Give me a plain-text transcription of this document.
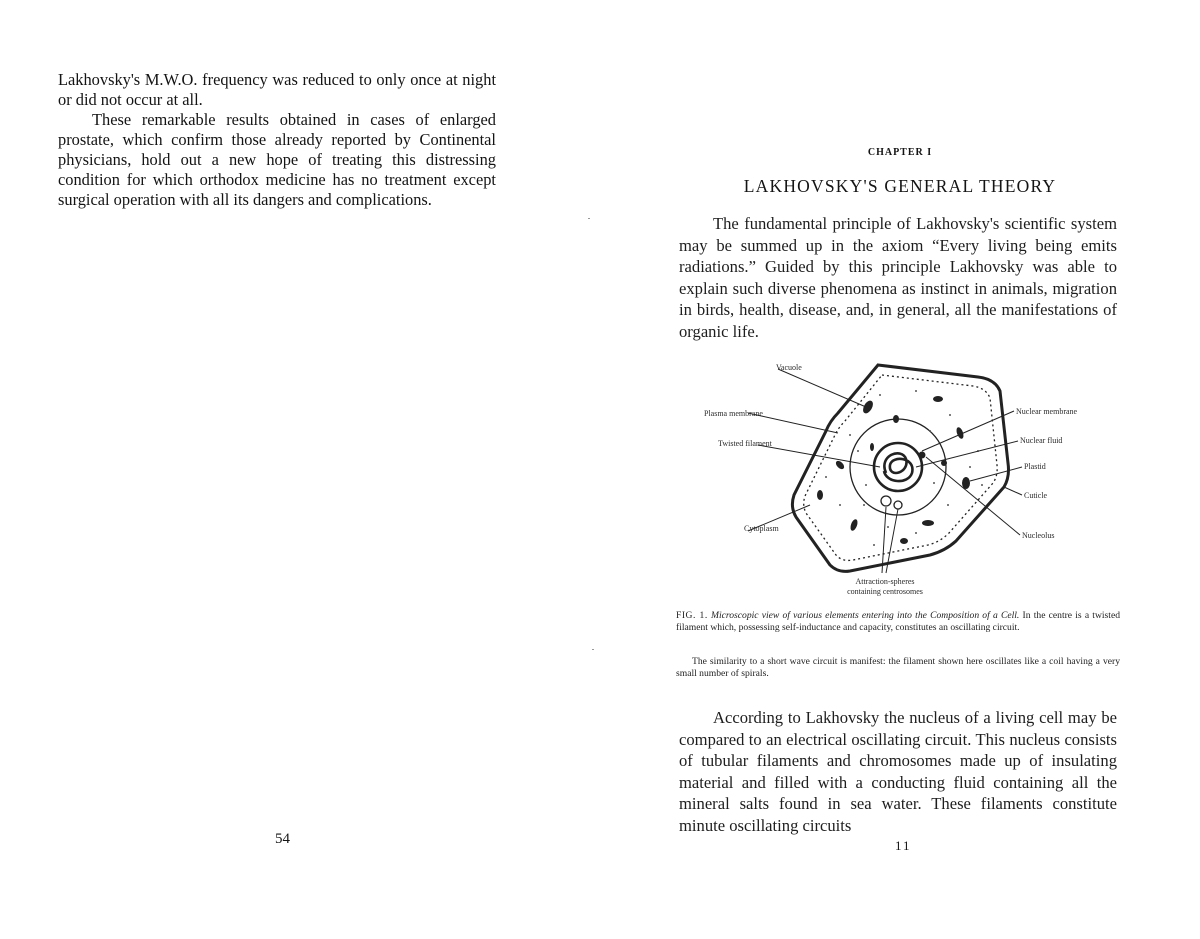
Lakhovsky's M.W.O. frequency was reduced to only once at night or did not occur at all.

These remarkable results obtained in cases of enlarged prostate, which confirm those already reported by Continental physicians, hold out a new hope of treating this distressing condition for which orthodox medicine has no treatment except surgical operation with all its dangers and complications.

54
CHAPTER I
LAKHOVSKY'S GENERAL THEORY

The fundamental principle of Lakhovsky's scientific system may be summed up in the axiom “Every living being emits radiations.” Guided by this principle Lakhovsky was able to explain such diverse phenomena as instinct in animals, migration in birds, health, disease, and, in general, all the manifestations of organic life.

Vacuole
Plasma membrane
Twisted filament
Cytoplasm
Nuclear membrane
Nuclear fluid
Plastid
Cuticle
Nucleolus
Attraction-spheres
containing centrosomes
FIG. 1. Microscopic view of various elements entering into the Composition of a Cell. In the centre is a twisted filament which, possessing self-inductance and capacity, constitutes an oscillating circuit.
The similarity to a short wave circuit is manifest: the filament shown here oscillates like a coil having a very small number of spirals.

According to Lakhovsky the nucleus of a living cell may be compared to an electrical oscillating circuit. This nucleus consists of tubular filaments and chromosomes made up of insulating material and filled with a conducting fluid containing all the mineral salts found in sea water. These filaments constitute minute oscillating circuits

11
